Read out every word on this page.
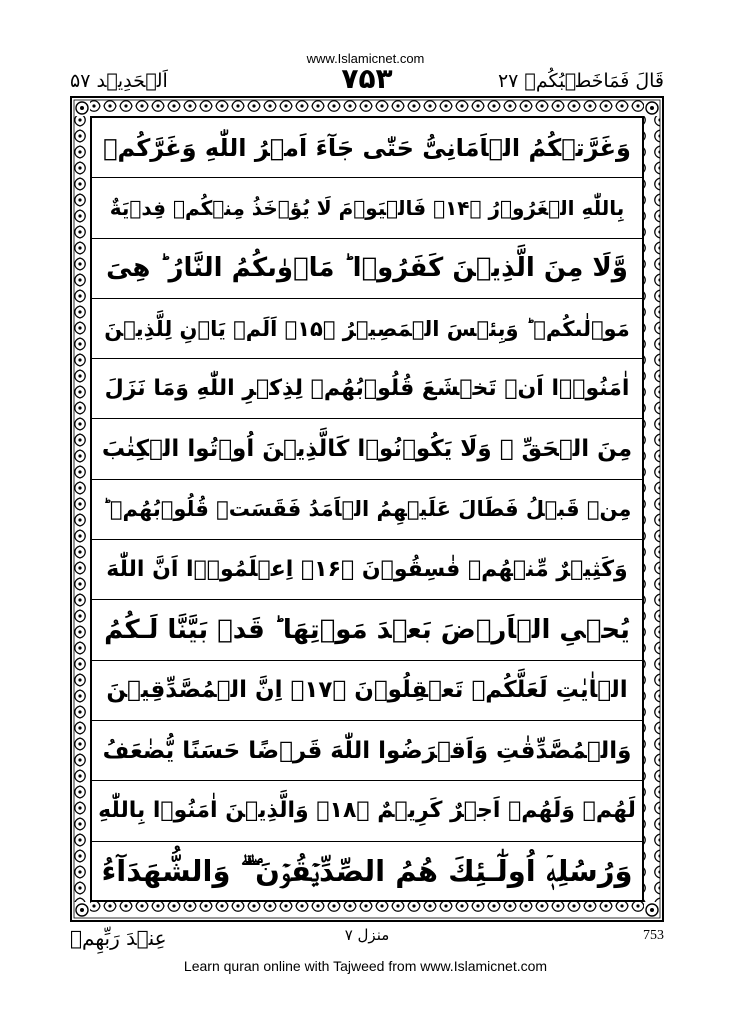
www.Islamicnet.com
اَلۡحَدِيۡد ۵۷	۷۵۳	قَالَ فَمَاخَطۡبُكُمۡ ۲۷
وَغَرَّتۡكُمُ الۡاَمَانِىُّ حَتّٰى جَآءَ اَمۡرُ اللّٰهِ وَغَرَّكُمۡ
بِاللّٰهِ الۡغَرُوۡرُ ﴿۱۴﴾ فَالۡيَوۡمَ لَا يُؤۡخَذُ مِنۡكُمۡ فِدۡيَةٌ
وَّلَا مِنَ الَّذِيۡنَ كَفَرُوۡا ؕ مَاۡوٰٮكُمُ النَّارُ ؕ هِىَ
مَوۡلٰٮكُمۡ ؕ وَبِئۡسَ الۡمَصِيۡرُ ﴿۱۵﴾ اَلَمۡ يَاۡنِ لِلَّذِيۡنَ
اٰمَنُوۡۤا اَنۡ تَخۡشَعَ قُلُوۡبُهُمۡ لِذِكۡرِ اللّٰهِ وَمَا نَزَلَ
مِنَ الۡحَقِّ ۙ وَلَا يَكُوۡنُوۡا كَالَّذِيۡنَ اُوۡتُوا الۡكِتٰبَ
مِنۡ قَبۡلُ فَطَالَ عَلَيۡهِمُ الۡاَمَدُ فَقَسَتۡ قُلُوۡبُهُمۡ ؕ
وَكَثِيۡرٌ مِّنۡهُمۡ فٰسِقُوۡنَ ﴿۱۶﴾ اِعۡلَمُوۡۤا اَنَّ اللّٰهَ
يُحۡىِ الۡاَرۡضَ بَعۡدَ مَوۡتِهَا ؕ قَدۡ بَيَّنَّا لَـكُمُ
الۡاٰيٰتِ لَعَلَّكُمۡ تَعۡقِلُوۡنَ ﴿۱۷﴾ اِنَّ الۡمُصَّدِّقِيۡنَ
وَالۡمُصَّدِّقٰتِ وَاَقۡرَضُوا اللّٰهَ قَرۡضًا حَسَنًا يُّضٰعَفُ
لَهُمۡ وَلَهُمۡ اَجۡرٌ كَرِيۡمٌ ﴿۱۸﴾ وَالَّذِيۡنَ اٰمَنُوۡا بِاللّٰهِ
وَرُسُلِهٖۤ اُولٰٓـئِكَ هُمُ الصِّدِّيۡقُوۡنَ ۖ ۗ وَالشُّهَدَآءُ
عِنۡدَ رَبِّهِمۡ	منزل ۷	753
Learn quran online with Tajweed from www.Islamicnet.com
